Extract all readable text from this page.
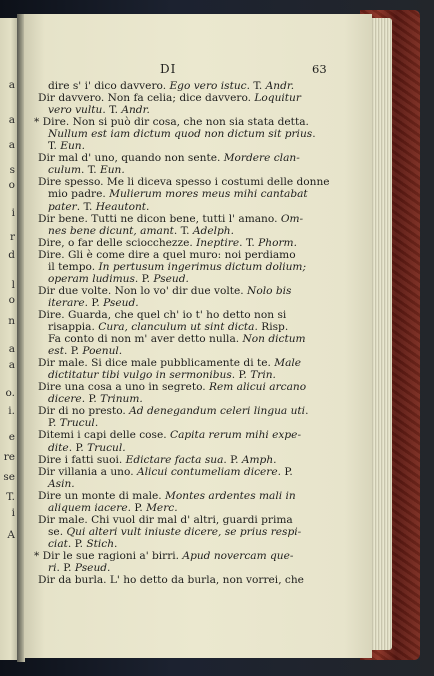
a
a
a
s
o
i
r
d
l
o
n
a
a
o.
i.
e
re
se
T.
i
A
DI	63
dire s' i' dico davvero. Ego vero istuc. T. Andr.
Dir davvero. Non fa celia; dice davvero. Loquitur
vero vultu. T. Andr.
* Dire. Non si può dir cosa, che non sia stata detta.
Nullum est iam dictum quod non dictum sit prius.
T. Eun.
Dir mal d' uno, quando non sente. Mordere clan-
culum. T. Eun.
Dire spesso. Me li diceva spesso i costumi delle donne
mio padre. Mulierum mores meus mihi cantabat
pater. T. Heautont.
Dir bene. Tutti ne dicon bene, tutti l' amano. Om-
nes bene dicunt, amant. T. Adelph.
Dire, o far delle sciocchezze. Ineptire. T. Phorm.
Dire. Gli è come dire a quel muro: noi perdiamo
il tempo. In pertusum ingerimus dictum dolium;
operam ludimus. P. Pseud.
Dir due volte. Non lo vo' dir due volte. Nolo bis
iterare. P. Pseud.
Dire. Guarda, che quel ch' io t' ho detto non si
risappia. Cura, clanculum ut sint dicta. Risp.
Fa conto di non m' aver detto nulla. Non dictum
est. P. Poenul.
Dir male. Si dice male pubblicamente di te. Male
dictitatur tibi vulgo in sermonibus. P. Trin.
Dire una cosa a uno in segreto. Rem alicui arcano
dicere. P. Trinum.
Dir di no presto. Ad denegandum celeri lingua uti.
P. Trucul.
Ditemi i capi delle cose. Capita rerum mihi expe-
dite. P. Trucul.
Dire i fatti suoi. Edictare facta sua. P. Amph.
Dir villania a uno. Alicui contumeliam dicere. P.
Asin.
Dire un monte di male. Montes ardentes mali in
aliquem iacere. P. Merc.
Dir male. Chi vuol dir mal d' altri, guardi prima
se. Qui alteri vult iniuste dicere, se prius respi-
ciat. P. Stich.
* Dir le sue ragioni a' birri. Apud novercam que-
ri. P. Pseud.
Dir da burla. L' ho detto da burla, non vorrei, che
